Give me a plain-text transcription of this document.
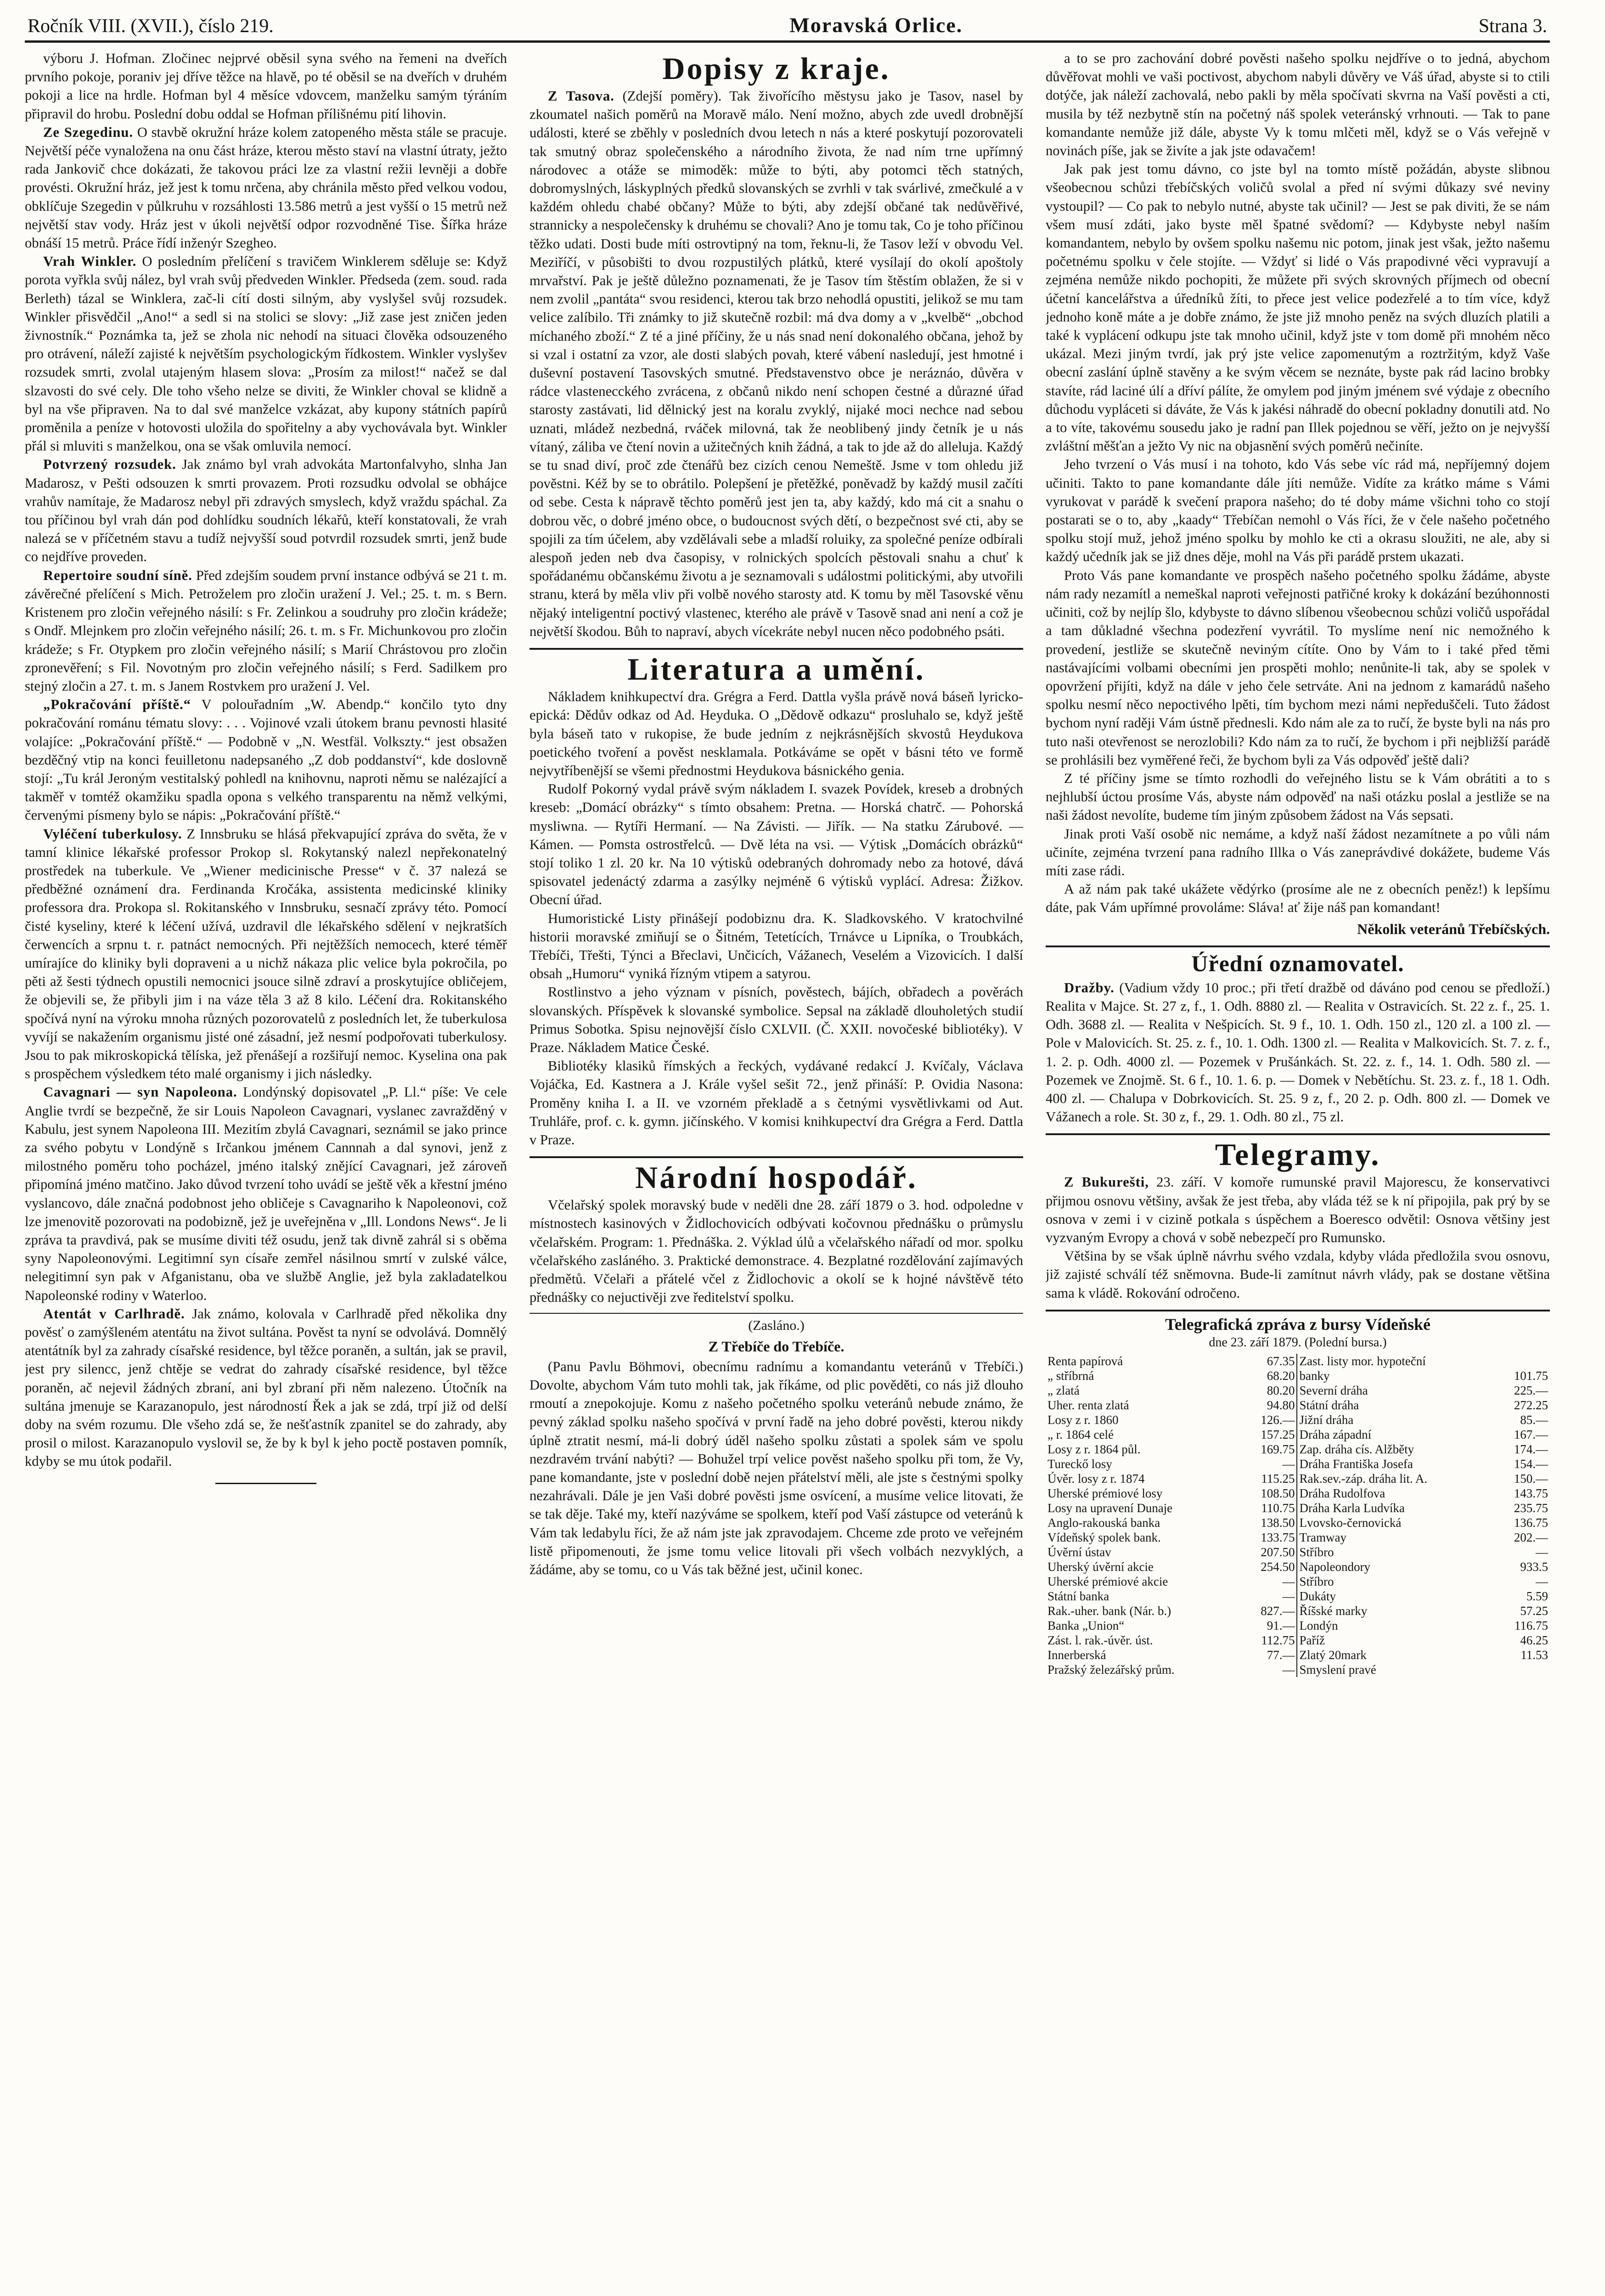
Ročník VIII. (XVII.), číslo 219.	Moravská Orlice.	Strana 3.

výboru J. Hofman. Zločinec nejprvé oběsil syna svého na řemeni na dveřích prvního pokoje, poraniv jej dříve těžce na hlavě, po té oběsil se na dveřích v druhém pokoji a lice na hrdle. Hofman byl 4 měsíce vdovcem, manželku samým týráním připravil do hrobu. Poslední dobu oddal se Hofman přílišnému pití lihovin.

Ze Szegedinu. O stavbě okružní hráze kolem zatopeného města stále se pracuje. Největší péče vynaložena na onu část hráze, kterou město staví na vlastní útraty, ježto rada Jankovič chce dokázati, že takovou práci lze za vlastní režii levněji a dobře provésti. Okružní hráz, jež jest k tomu nrčena, aby chránila město před velkou vodou, obklíčuje Szegedin v půlkruhu v rozsáhlosti 13.586 metrů a jest vyšší o 15 metrů než největší stav vody. Hráz jest v úkoli největší odpor rozvodněné Tise. Šířka hráze obnáší 15 metrů. Práce řídí inženýr Szegheo.

Vrah Winkler. O posledním přelíčení s travičem Winklerem sděluje se: Když porota vyřkla svůj nález, byl vrah svůj předveden Winkler. Předseda (zem. soud. rada Berleth) tázal se Winklera, zač-li cítí dosti silným, aby vyslyšel svůj rozsudek. Winkler přisvědčil „Ano!“ a sedl si na stolici se slovy: „Již zase jest zničen jeden živnostník.“ Poznámka ta, jež se zhola nic nehodí na situaci člověka odsouzeného pro otrávení, náleží zajisté k největším psychologickým řídkostem. Winkler vyslyšev rozsudek smrti, zvolal utajeným hlasem slova: „Prosím za milost!“ načež se dal slzavosti do své cely. Dle toho všeho nelze se diviti, že Winkler choval se klidně a byl na vše připraven. Na to dal své manželce vzkázat, aby kupony státních papírů proměnila a peníze v hotovosti uložila do spořitelny a aby vychovávala byt. Winkler přál si mluviti s manželkou, ona se však omluvila nemocí.

Potvrzený rozsudek. Jak známo byl vrah advokáta Martonfalvyho, slnha Jan Madarosz, v Pešti odsouzen k smrti provazem. Proti rozsudku odvolal se obhájce vrahův namítaje, že Madarosz nebyl při zdravých smyslech, když vraždu spáchal. Za tou příčinou byl vrah dán pod dohlídku soudních lékařů, kteří konstatovali, že vrah nalezá se v příčetném stavu a tudíž nejvyšší soud potvrdil rozsudek smrti, jenž bude co nejdříve proveden.

Repertoire soudní síně. Před zdejším soudem první instance odbývá se 21 t. m. závěrečné přelíčení s Mich. Petroželem pro zločin uražení J. Vel.; 25. t. m. s Bern. Kristenem pro zločin veřejného násilí: s Fr. Zelinkou a soudruhy pro zločin krádeže; s Ondř. Mlejnkem pro zločin veřejného násilí; 26. t. m. s Fr. Michunkovou pro zločin krádeže; s Fr. Otypkem pro zločin veřejného násilí; s Marií Chrástovou pro zločin zpronevěření; s Fil. Novotným pro zločin veřejného násilí; s Ferd. Sadilkem pro stejný zločin a 27. t. m. s Janem Rostvkem pro uražení J. Vel.

„Pokračování příště.“ V polouřadním „W. Abendp.“ končilo tyto dny pokračování románu tématu slovy: . . . Vojinové vzali útokem branu pevnosti hlasité volajíce: „Pokračování příště.“ — Podobně v „N. Westfäl. Volkszty.“ jest obsažen bezděčný vtip na konci feuilletonu nadepsaného „Z dob poddanství“, kde doslovně stojí: „Tu král Jeroným vestitalský pohledl na knihovnu, naproti němu se nalézající a takměř v tomtéž okamžiku spadla opona s velkého transparentu na němž velkými, červenými písmeny bylo se nápis: „Pokračování příště.“

Vyléčení tuberkulosy. Z Innsbruku se hlásá překvapující zpráva do světa, že v tamní klinice lékařské professor Prokop sl. Rokytanský nalezl nepřekonatelný prostředek na tuberkule. Ve „Wiener medicinische Presse“ v č. 37 nalezá se předběžné oznámení dra. Ferdinanda Kročáka, assistenta medicinské kliniky professora dra. Prokopa sl. Rokitanského v Innsbruku, sesnačí zprávy této. Pomocí čisté kyseliny, které k léčení užívá, uzdravil dle lékařského sdělení v nejkratších čerwencích a srpnu t. r. patnáct nemocných. Při nejtěžších nemocech, které téměř umírajíce do kliniky byli dopraveni a u nichž nákaza plic velice byla pokročila, po pěti až šesti týdnech opustili nemocnici jsouce silně zdraví a proskytujíce obličejem, že objevili se, že přibyli jim i na váze těla 3 až 8 kilo. Léčení dra. Rokitanského spočívá nyní na výroku mnoha různých pozorovatelů z posledních let, že tuberkulosa vyvíjí se nakažením organismu jisté oné zásadní, jež nesmí podpořovati tuberkulosy. Jsou to pak mikroskopická tělíska, jež přenášejí a rozšiřují nemoc. Kyselina ona pak s prospěchem výsledkem této malé organismy i jich následky.

Cavagnari — syn Napoleona. Londýnský dopisovatel „P. Ll.“ píše: Ve cele Anglie tvrdí se bezpečně, že sir Louis Napoleon Cavagnari, vyslanec zavražděný v Kabulu, jest synem Napoleona III. Mezitím zbylá Cavagnari, seznámil se jako prince za svého pobytu v Londýně s Irčankou jménem Cannnah a dal synovi, jenž z milostného poměru toho pocházel, jméno italský znějící Cavagnari, jež zároveň připomíná jméno matčino. Jako důvod tvrzení toho uvádí se ještě věk a křestní jméno vyslancovo, dále značná podobnost jeho obličeje s Cavagnariho k Napoleonovi, což lze jmenovitě pozorovati na podobizně, jež je uveřejněna v „Ill. Londons News“. Je li zpráva ta pravdivá, pak se musíme diviti též osudu, jenž tak divně zahrál si s oběma syny Napoleonovými. Legitimní syn císaře zemřel násilnou smrtí v zulské válce, nelegitimní syn pak v Afganistanu, oba ve službě Anglie, jež byla zakladatelkou Napoleonské rodiny v Waterloo.

Atentát v Carlhradě. Jak známo, kolovala v Carlhradě před několika dny pověsť o zamýšleném atentátu na život sultána. Pověst ta nyní se odvolává. Domnělý atentátník byl za zahrady císařské residence, byl těžce poraněn, a sultán, jak se pravil, jest pry silencc, jenž chtěje se vedrat do zahrady císařské residence, byl těžce poraněn, ač nejevil žádných zbraní, ani byl zbraní při něm nalezeno. Útočník na sultána jmenuje se Karazanopulo, jest národností Řek a jak se zdá, trpí již od delší doby na svém rozumu. Dle všeho zdá se, že nešťastník zpanitel se do zahrady, aby prosil o milost. Karazanopulo vyslovil se, že by k byl k jeho poctě postaven pomník, kdyby se mu útok podařil.

Dopisy z kraje.

Z Tasova. (Zdejší poměry). Tak živořícího městysu jako je Tasov, nasel by zkoumatel našich poměrů na Moravě málo. Není možno, abych zde uvedl drobnější události, které se zběhly v posledních dvou letech n nás a které poskytují pozorovateli tak smutný obraz společenského a národního života, že nad ním trne upřímný národovec a otáže se mimoděk: může to býti, aby potomci těch statných, dobromyslných, láskyplných předků slovanských se zvrhli v tak svárlivé, zmečkulé a v každém ohledu chabé občany? Může to býti, aby zdejší občané tak nedůvěřivé, strannicky a nespolečensky k druhému se chovali? Ano je tomu tak, Co je toho příčinou těžko udati. Dosti bude míti ostrovtipný na tom, řeknu-li, že Tasov leží v obvodu Vel. Meziříčí, v působišti to dvou rozpustilých plátků, které vysílají do okolí apoštoly mrvařství. Pak je ještě důležno poznamenati, že je Tasov tím štěstím oblažen, že si v nem zvolil „pantáta“ svou residenci, kterou tak brzo nehodlá opustiti, jelikož se mu tam velice zalíbilo. Tři známky to již skutečně rozbil: má dva domy a v „kvelbě“ „obchod míchaného zboží.“ Z té a jiné příčiny, že u nás snad není dokonalého občana, jehož by si vzal i ostatní za vzor, ale dosti slabých povah, které vábení nasledují, jest hmotné i duševní postavení Tasovských smutné. Představenstvo obce je neráznáo, důvěra v rádce vlastenecckého zvrácena, z občanů nikdo není schopen čestné a důrazné úřad starosty zastávati, lid dělnický jest na koralu zvyklý, nijaké moci nechce nad sebou uznati, mládež nezbedná, rváček milovná, tak že neoblibený jindy četník je u nás vítaný, záliba ve čtení novin a užitečných knih žádná, a tak to jde až do alleluja. Každý se tu snad diví, proč zde čtenářů bez cizích cenou Nemeště. Jsme v tom ohledu již pověstni. Kéž by se to obrátilo. Polepšení je přetěžké, poněvadž by každý musil začíti od sebe. Cesta k nápravě těchto poměrů jest jen ta, aby každý, kdo má cit a snahu o dobrou věc, o dobré jméno obce, o budoucnost svých dětí, o bezpečnost své cti, aby se spojili za tím účelem, aby vzdělávali sebe a mladší roluiky, za společné peníze odbírali alespoň jeden neb dva časopisy, v rolnických spolcích pěstovali snahu a chuť k spořádanému občanskému životu a je seznamovali s událostmi politickými, aby utvořili stranu, která by měla vliv při volbě nového starosty atd. K tomu by měl Tasovské věnu nějaký inteligentní poctivý vlastenec, kterého ale právě v Tasově snad ani není a což je největší škodou. Bůh to napraví, abych vícekráte nebyl nucen něco podobného psáti.

Literatura a umění.

Nákladem knihkupectví dra. Grégra a Ferd. Dattla vyšla právě nová báseň lyricko-epická: Dědův odkaz od Ad. Heyduka. O „Dědově odkazu“ prosluhalo se, když ještě byla báseň tato v rukopise, že bude jedním z nejkrásnějších skvostů Heydukova poetického tvoření a pověst nesklamala. Potkáváme se opět v básni této ve formě nejvytříbenější se všemi přednostmi Heydukova básnického genia.

Rudolf Pokorný vydal právě svým nákladem I. svazek Povídek, kreseb a drobných kreseb: „Domácí obrázky“ s tímto obsahem: Pretna. — Horská chatrč. — Pohorská mysliwna. — Rytíři Hermaní. — Na Závisti. — Jiřík. — Na statku Zárubové. — Kámen. — Pomsta ostrostřelců. — Dvě léta na vsi. — Výtisk „Domácích obrázků“ stojí toliko 1 zl. 20 kr. Na 10 výtisků odebraných dohromady nebo za hotové, dává spisovatel jedenáctý zdarma a zasýlky nejméně 6 výtisků vyplácí. Adresa: Žižkov. Obecní úřad.

Humoristické Listy přinášejí podobiznu dra. K. Sladkovského. V kratochvilné historii moravské zmiňují se o Šitném, Tetetících, Trnávce u Lipníka, o Troubkách, Třebíči, Třešti, Týnci a Břeclavi, Unčicích, Vážanech, Veselém a Vizovicích. I další obsah „Humoru“ vyniká řízným vtipem a satyrou.

Rostlinstvo a jeho význam v písních, pověstech, bájích, obřadech a pověrách slovanských. Příspěvek k slovanské symbolice. Sepsal na základě dlouholetých studií Primus Sobotka. Spisu nejnovější číslo CXLVII. (Č. XXII. novočeské bibliotéky). V Praze. Nákladem Matice České.

Bibliotéky klasiků římských a řeckých, vydávané redakcí J. Kvíčaly, Václava Vojáčka, Ed. Kastnera a J. Krále vyšel sešit 72., jenž přináší: P. Ovidia Nasona: Proměny kniha I. a II. ve vzorném překladě a s četnými vysvětlivkami od Aut. Truhláře, prof. c. k. gymn. jičínského. V komisi knihkupectví dra Grégra a Ferd. Dattla v Praze.

Národní hospodář.

Včelařský spolek moravský bude v neděli dne 28. září 1879 o 3. hod. odpoledne v místnostech kasinových v Židlochovicích odbývati kočovnou přednášku o průmyslu včelařském. Program: 1. Přednáška. 2. Výklad úlů a včelařského nářadí od mor. spolku včelařského zasláného. 3. Praktické demonstrace. 4. Bezplatné rozdělování zajímavých předmětů. Včelaři a přátelé včel z Židlochovic a okolí se k hojné návštěvě této přednášky co nejuctivěji zve ředitelství spolku.

(Zasláno.)
Z Třebíče do Třebíče.

(Panu Pavlu Böhmovi, obecnímu radnímu a komandantu veteránů v Třebíči.) Dovolte, abychom Vám tuto mohli tak, jak říkáme, od plic pověděti, co nás již dlouho rmoutí a znepokojuje. Komu z našeho početného spolku veteránů nebude známo, že pevný základ spolku našeho spočívá v první řadě na jeho dobré pověsti, kterou nikdy úplně ztratit nesmí, má-li dobrý úděl našeho spolku zůstati a spolek sám ve spolu nezdravém trvání nabýti? — Bohužel trpí velice pověst našeho spolku při tom, že Vy, pane komandante, jste v poslední době nejen přátelství měli, ale jste s čestnými spolky nezahrávali. Dále je jen Vaši dobré pověsti jsme osvícení, a musíme velice litovati, že se tak děje. Také my, kteří nazýváme se spolkem, kteří pod Vaší zástupce od veteránů k Vám tak ledabylu říci, že až nám jste jak zpravodajem. Chceme zde proto ve veřejném listě připomenouti, že jsme tomu velice litovali při všech volbách nezvyklých, a žádáme, aby se tomu, co u Vás tak běžné jest, učinil konec.

a to se pro zachování dobré pověsti našeho spolku nejdříve o to jedná, abychom důvěřovat mohli ve vaši poctivost, abychom nabyli důvěry ve Váš úřad, abyste si to ctili dotýče, jak náleží zachovalá, nebo pakli by měla spočívati skvrna na Vaší pověsti a cti, musila by též nezbytně stín na početný náš spolek veteránský vrhnouti. — Tak to pane komandante nemůže již dále, abyste Vy k tomu mlčeti měl, když se o Vás veřejně v novinách píše, jak se živíte a jak jste odavačem!

Jak pak jest tomu dávno, co jste byl na tomto místě požádán, abyste slibnou všeobecnou schůzi třebíčských voličů svolal a před ní svými důkazy své neviny vystoupil? — Co pak to nebylo nutné, abyste tak učinil? — Jest se pak diviti, že se nám všem musí zdáti, jako byste měl špatné svědomí? — Kdybyste nebyl naším komandantem, nebylo by ovšem spolku našemu nic potom, jinak jest však, ježto našemu početnému spolku v čele stojíte. — Vždyť si lidé o Vás prapodivné věci vypravují a zejména nemůže nikdo pochopiti, že můžete při svých skrovných příjmech od obecní účetní kancelářstva a úředníků žíti, to přece jest velice podezřelé a to tím více, když jednoho koně máte a je dobře známo, že jste již mnoho peněz na svých dluzích platili a také k vyplácení odkupu jste tak mnoho učinil, když jste v tom domě při mnohém něco ukázal. Mezi jiným tvrdí, jak prý jste velice zapomenutým a roztržitým, když Vaše obecní zaslání úplně stavěny a ke svým věcem se neznáte, byste pak rád lacino brobky stavíte, rád laciné úlí a dříví pálíte, že omylem pod jiným jménem své výdaje z obecního důchodu vypláceti si dáváte, že Vás k jakési náhradě do obecní pokladny donutili atd. No a to víte, takovému sousedu jako je radní pan Illek pojednou se věří, ježto on je nejvyšší zvláštní měšťan a ježto Vy nic na objasnění svých poměrů nečiníte.

Jeho tvrzení o Vás musí i na tohoto, kdo Vás sebe víc rád má, nepříjemný dojem učiniti. Takto to pane komandante dále jíti nemůže. Vidíte za krátko máme s Vámi vyrukovat v parádě k svečení prapora našeho; do té doby máme všichni toho co stojí postarati se o to, aby „kaady“ Třebíčan nemohl o Vás říci, že v čele našeho početného spolku stojí muž, jehož jméno spolku by mohlo ke cti a okrasu sloužiti, ne ale, aby si každý učedník jak se již dnes děje, mohl na Vás při parádě prstem ukazati.

Proto Vás pane komandante ve prospěch našeho početného spolku žádáme, abyste nám rady nezamítl a nemeškal naproti veřejnosti patřičné kroky k dokázání bezúhonnosti učiniti, což by nejlíp šlo, kdybyste to dávno slíbenou všeobecnou schůzi voličů uspořádal a tam důkladné všechna podezření vyvrátil. To myslíme není nic nemožného k provedení, jestliže se skutečně neviným cítíte. Ono by Vám to i také před těmi nastávajícími volbami obecními jen prospěti mohlo; nenůnite-li tak, aby se spolek v opovržení přijíti, když na dále v jeho čele setrváte. Ani na jednom z kamarádů našeho spolku nesmí něco nepoctivého lpěti, tím bychom mezi námi nepředuščeli. Tuto žádost bychom nyní raději Vám ústně přednesli. Kdo nám ale za to ručí, že byste byli na nás pro tuto naši otevřenost se nerozlobili? Kdo nám za to ručí, že bychom i při nejbližší parádě se prohlásili bez vyměřené řeči, že bychom byli za Vás odpověď ještě dali?

Z té příčiny jsme se tímto rozhodli do veřejného listu se k Vám obrátiti a to s nejhlubší úctou prosíme Vás, abyste nám odpověď na naši otázku poslal a jestliže se na naši žádost nevolíte, budeme tím jiným způsobem žádost na Vás sepsati.

Jinak proti Vaší osobě nic nemáme, a když naší žádost nezamítnete a po vůli nám učiníte, zejména tvrzení pana radního Illka o Vás zaneprávdivé dokážete, budeme Vás míti zase rádi.

A až nám pak také ukážete vědýrko (prosíme ale ne z obecních peněz!) k lepšímu dáte, pak Vám upřímné provoláme: Sláva! ať žije náš pan komandant!

Několik veteránů Třebíčských.
Úřední oznamovatel.

Dražby. (Vadium vždy 10 proc.; při třetí dražbě od dáváno pod cenou se předloží.) Realita v Majce. St. 27 z, f., 1. Odh. 8880 zl. — Realita v Ostravicích. St. 22 z. f., 25. 1. Odh. 3688 zl. — Realita v Nešpicích. St. 9 f., 10. 1. Odh. 150 zl., 120 zl. a 100 zl. — Pole v Malovicích. St. 25. z. f., 10. 1. Odh. 1300 zl. — Realita v Malkovicích. St. 7. z. f., 1. 2. p. Odh. 4000 zl. — Pozemek v Prušánkách. St. 22. z. f., 14. 1. Odh. 580 zl. — Pozemek ve Znojmě. St. 6 f., 10. 1. 6. p. — Domek v Nebětíchu. St. 23. z. f., 18 1. Odh. 400 zl. — Chalupa v Dobrkovicích. St. 25. 9 z, f., 20 2. p. Odh. 800 zl. — Domek ve Vážanech a role. St. 30 z, f., 29. 1. Odh. 80 zl., 75 zl.

Telegramy.

Z Bukurešti, 23. září. V komoře rumunské pravil Majorescu, že konservativci přijmou osnovu většiny, avšak že jest třeba, aby vláda též se k ní připojila, pak prý by se osnova v zemi i v cizině potkala s úspěchem a Boeresco odvětil: Osnova většiny jest vyzvaným Evropy a chová v sobě nebezpečí pro Rumunsko.

Většina by se však úplně návrhu svého vzdala, kdyby vláda předložila svou osnovu, již zajisté schválí též sněmovna. Bude-li zamítnut návrh vlády, pak se dostane většina sama k vládě. Rokování odročeno.

Telegrafická zpráva z bursy Vídeňské
dne 23. září 1879. (Polední bursa.)
Renta papírová	67.35	Zast. listy mor. hypoteční	
„ stříbrná	68.20	banky	101.75
„ zlatá	80.20	Severní dráha	225.—
Uher. renta zlatá	94.80	Státní dráha	272.25
Losy z r. 1860	126.—	Jižní dráha	85.—
„ r. 1864 celé	157.25	Dráha západní	167.—
Losy z r. 1864 půl.	169.75	Zap. dráha cís. Alžběty	174.—
Tureckő losy	—	Dráha Františka Josefa	154.—
Úvěr. losy z r. 1874	115.25	Rak.sev.-záp. dráha lit. A.	150.—
Uherské prémiové losy	108.50	Dráha Rudolfova	143.75
Losy na upravení Dunaje	110.75	Dráha Karla Ludvíka	235.75
Anglo-rakouská banka	138.50	Lvovsko-černovická	136.75
Vídeňský spolek bank.	133.75	Tramway	202.—
Úvěrní ústav	207.50	Stříbro	—
Uherský úvěrní akcie	254.50	Napoleondory	933.5
Uherské prémiové akcie	—	Stříbro	—
Státní banka	—	Dukáty	5.59
Rak.-uher. bank (Nár. b.)	827.—	Říšské marky	57.25
Banka „Union“	91.—	Londýn	116.75
Zást. l. rak.-úvěr. úst.	112.75	Paříž	46.25
Innerberská	77.—	Zlatý 20mark	11.53
Pražský železářský prům.	—	Smyslení pravé	
